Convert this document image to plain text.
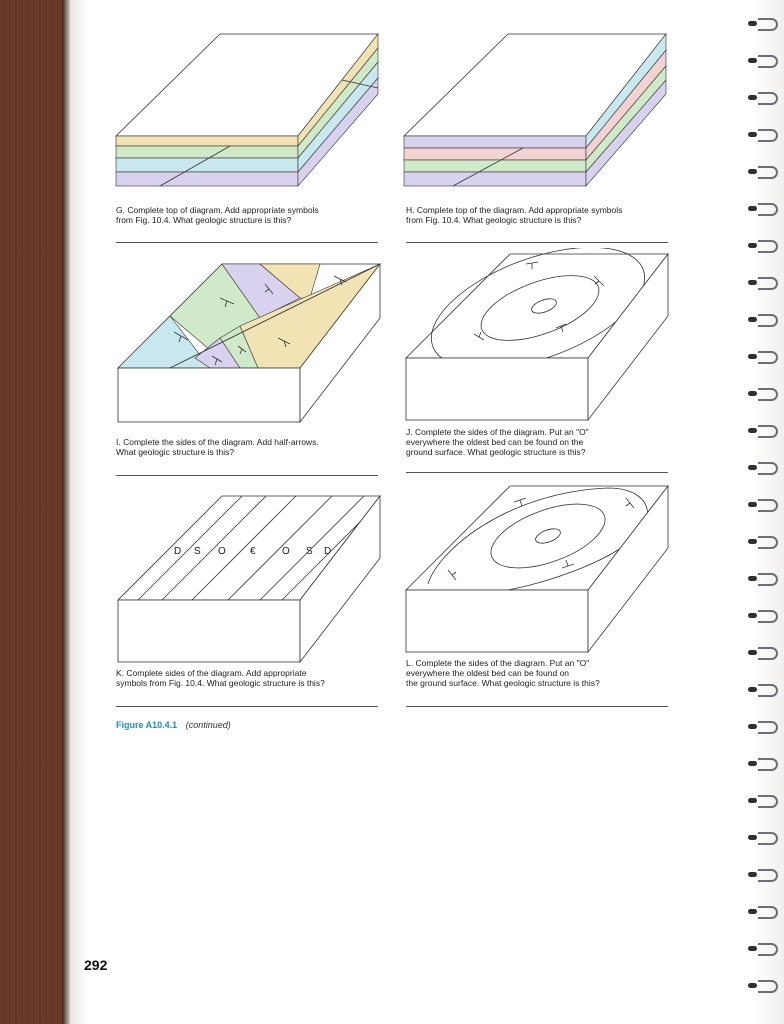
G. Complete top of diagram. Add appropriate symbols
from Fig. 10.4. What geologic structure is this?
H. Complete top of the diagram. Add appropriate symbols
from Fig. 10.4. What geologic structure is this?
I. Complete the sides of the diagram. Add half-arrows.
What geologic structure is this?
J. Complete the sides of the diagram. Put an "O"
everywhere the oldest bed can be found on the
ground surface. What geologic structure is this?
D S O €	O S D
K. Complete sides of the diagram. Add appropriate
symbols from Fig. 10.4. What geologic structure is this?
L. Complete the sides of the diagram. Put an "O"
everywhere the oldest bed can be found on
the ground surface. What geologic structure is this?
Figure A10.4.1 (continued)
292
